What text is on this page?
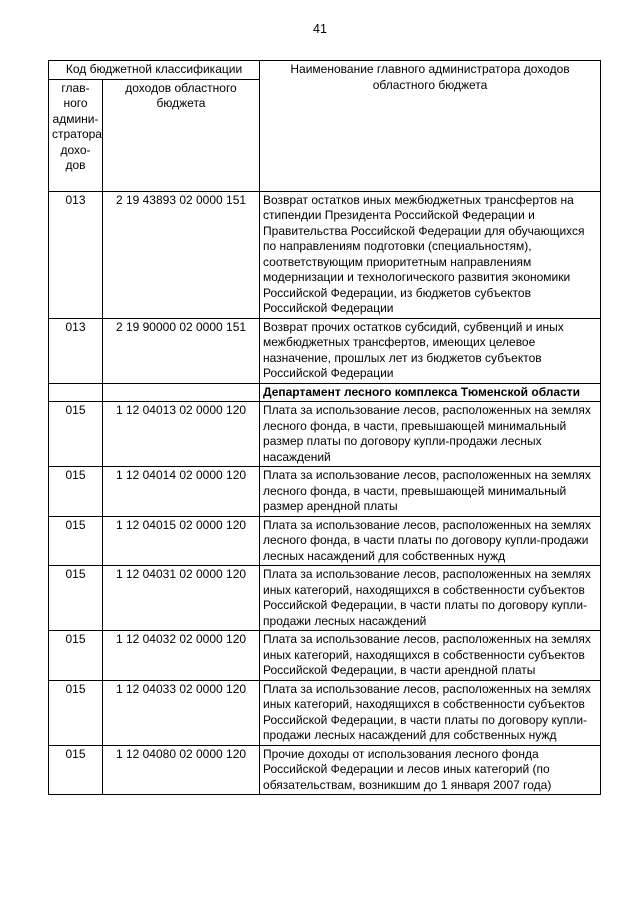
41
Код бюджетной классификации		Наименование главного администратора доходов областного бюджета
глав-ного админи-стратора дохо-дов	доходов областного бюджета	
013	2 19 43893 02 0000 151	Возврат остатков иных межбюджетных трансфертов на стипендии Президента Российской Федерации и Правительства Российской Федерации для обучающихся по направлениям подготовки (специальностям), соответствующим приоритетным направлениям модернизации и технологического развития экономики Российской Федерации, из бюджетов субъектов Российской Федерации
013	2 19 90000 02 0000 151	Возврат прочих остатков субсидий, субвенций и иных межбюджетных трансфертов, имеющих целевое назначение, прошлых лет из бюджетов субъектов Российской Федерации
		Департамент лесного комплекса Тюменской области
015	1 12 04013 02 0000 120	Плата за использование лесов, расположенных на землях лесного фонда, в части, превышающей минимальный размер платы по договору купли-продажи лесных насаждений
015	1 12 04014 02 0000 120	Плата за использование лесов, расположенных на землях лесного фонда, в части, превышающей минимальный размер арендной платы
015	1 12 04015 02 0000 120	Плата за использование лесов, расположенных на землях лесного фонда, в части платы по договору купли-продажи лесных насаждений для собственных нужд
015	1 12 04031 02 0000 120	Плата за использование лесов, расположенных на землях иных категорий, находящихся в собственности субъектов Российской Федерации, в части платы по договору купли-продажи лесных насаждений
015	1 12 04032 02 0000 120	Плата за использование лесов, расположенных на землях иных категорий, находящихся в собственности субъектов Российской Федерации, в части арендной платы
015	1 12 04033 02 0000 120	Плата за использование лесов, расположенных на землях иных категорий, находящихся в собственности субъектов Российской Федерации, в части платы по договору купли-продажи лесных насаждений для собственных нужд
015	1 12 04080 02 0000 120	Прочие доходы от использования лесного фонда Российской Федерации и лесов иных категорий (по обязательствам, возникшим до 1 января 2007 года)
